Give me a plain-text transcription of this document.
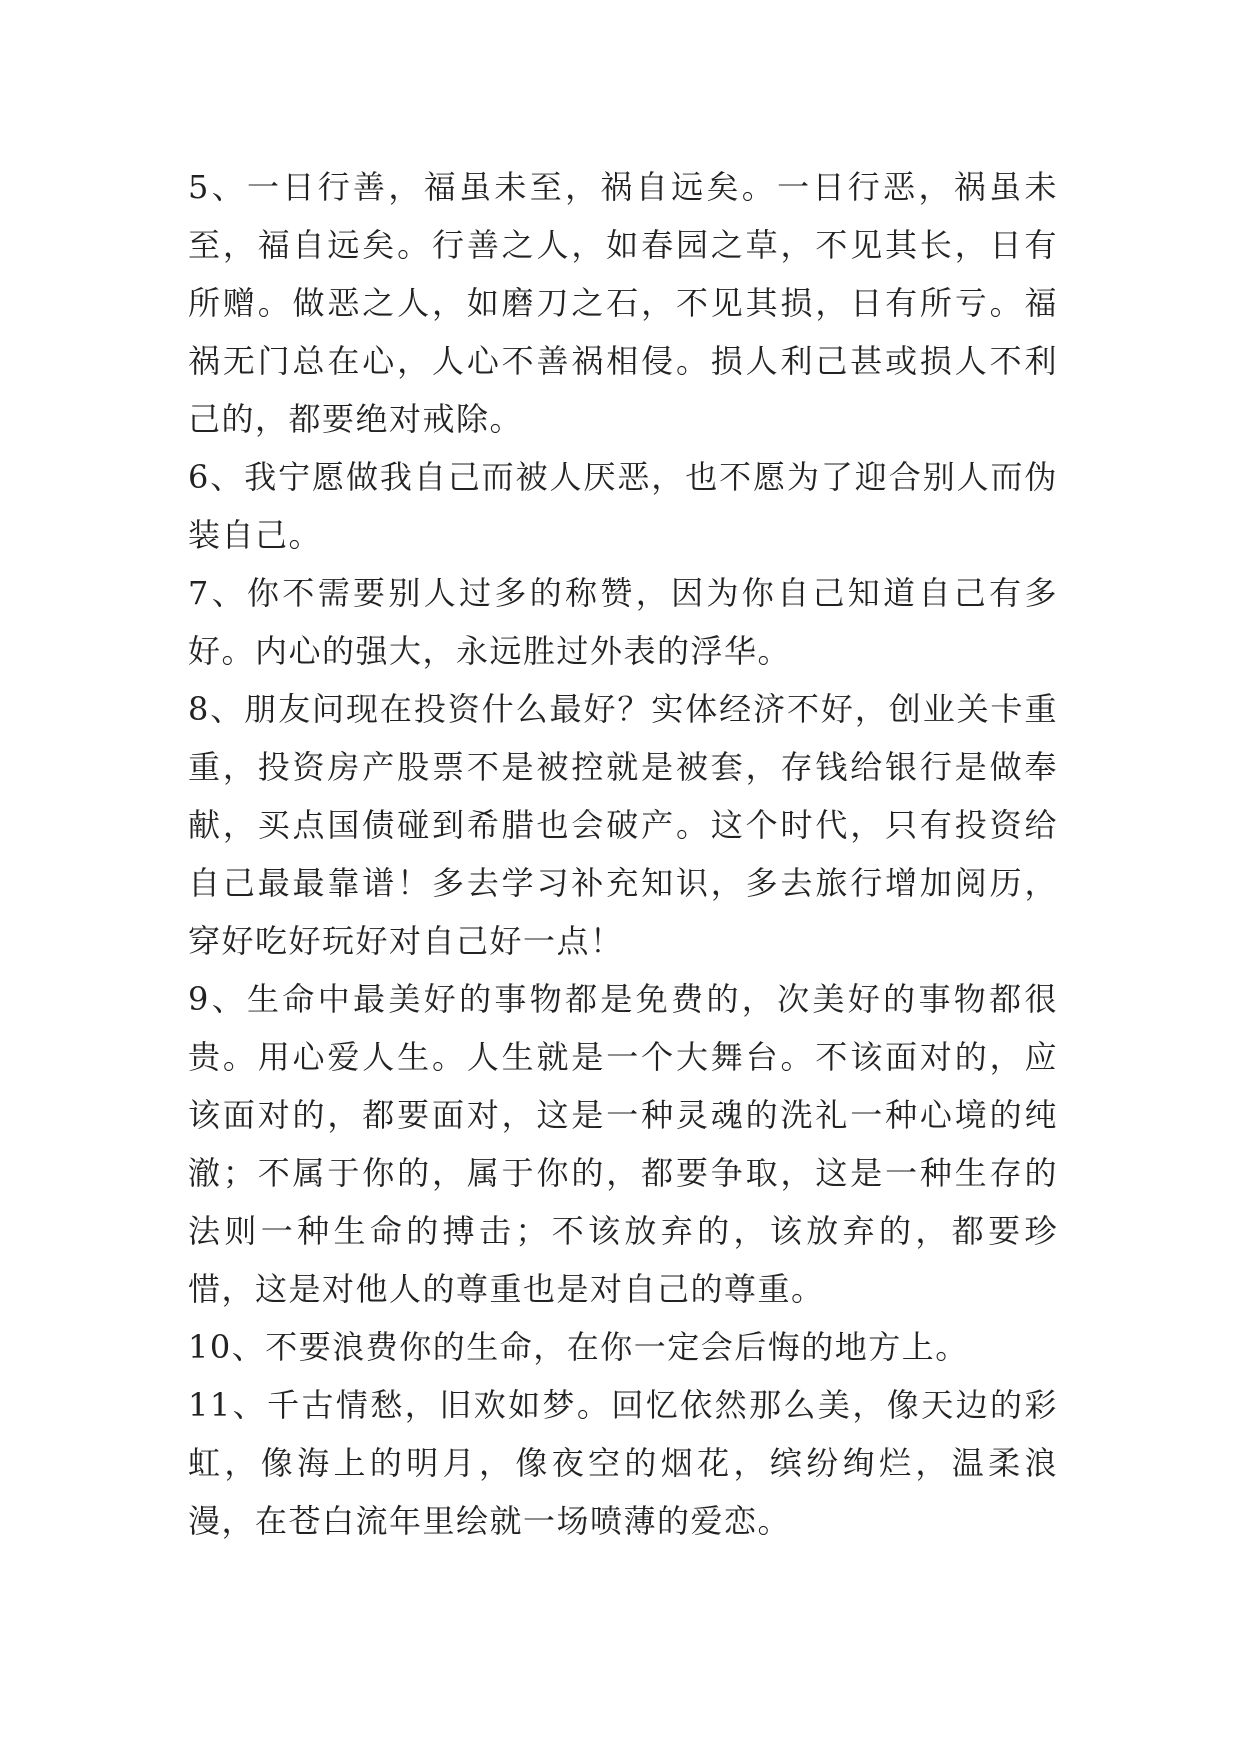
5、一日行善，福虽未至，祸自远矣。一日行恶，祸虽未至，福自远矣。行善之人，如春园之草，不见其长，日有所赠。做恶之人，如磨刀之石，不见其损，日有所亏。福祸无门总在心，人心不善祸相侵。损人利己甚或损人不利己的，都要绝对戒除。

6、我宁愿做我自己而被人厌恶，也不愿为了迎合别人而伪装自己。

7、你不需要别人过多的称赞，因为你自己知道自己有多好。内心的强大，永远胜过外表的浮华。

8、朋友问现在投资什么最好？实体经济不好，创业关卡重重，投资房产股票不是被控就是被套，存钱给银行是做奉献，买点国债碰到希腊也会破产。这个时代，只有投资给自己最最靠谱！多去学习补充知识，多去旅行增加阅历，穿好吃好玩好对自己好一点！

9、生命中最美好的事物都是免费的，次美好的事物都很贵。用心爱人生。人生就是一个大舞台。不该面对的，应该面对的，都要面对，这是一种灵魂的洗礼一种心境的纯澈；不属于你的，属于你的，都要争取，这是一种生存的法则一种生命的搏击；不该放弃的，该放弃的，都要珍惜，这是对他人的尊重也是对自己的尊重。

10、不要浪费你的生命，在你一定会后悔的地方上。

11、千古情愁，旧欢如梦。回忆依然那么美，像天边的彩虹，像海上的明月，像夜空的烟花，缤纷绚烂，温柔浪漫，在苍白流年里绘就一场喷薄的爱恋。
